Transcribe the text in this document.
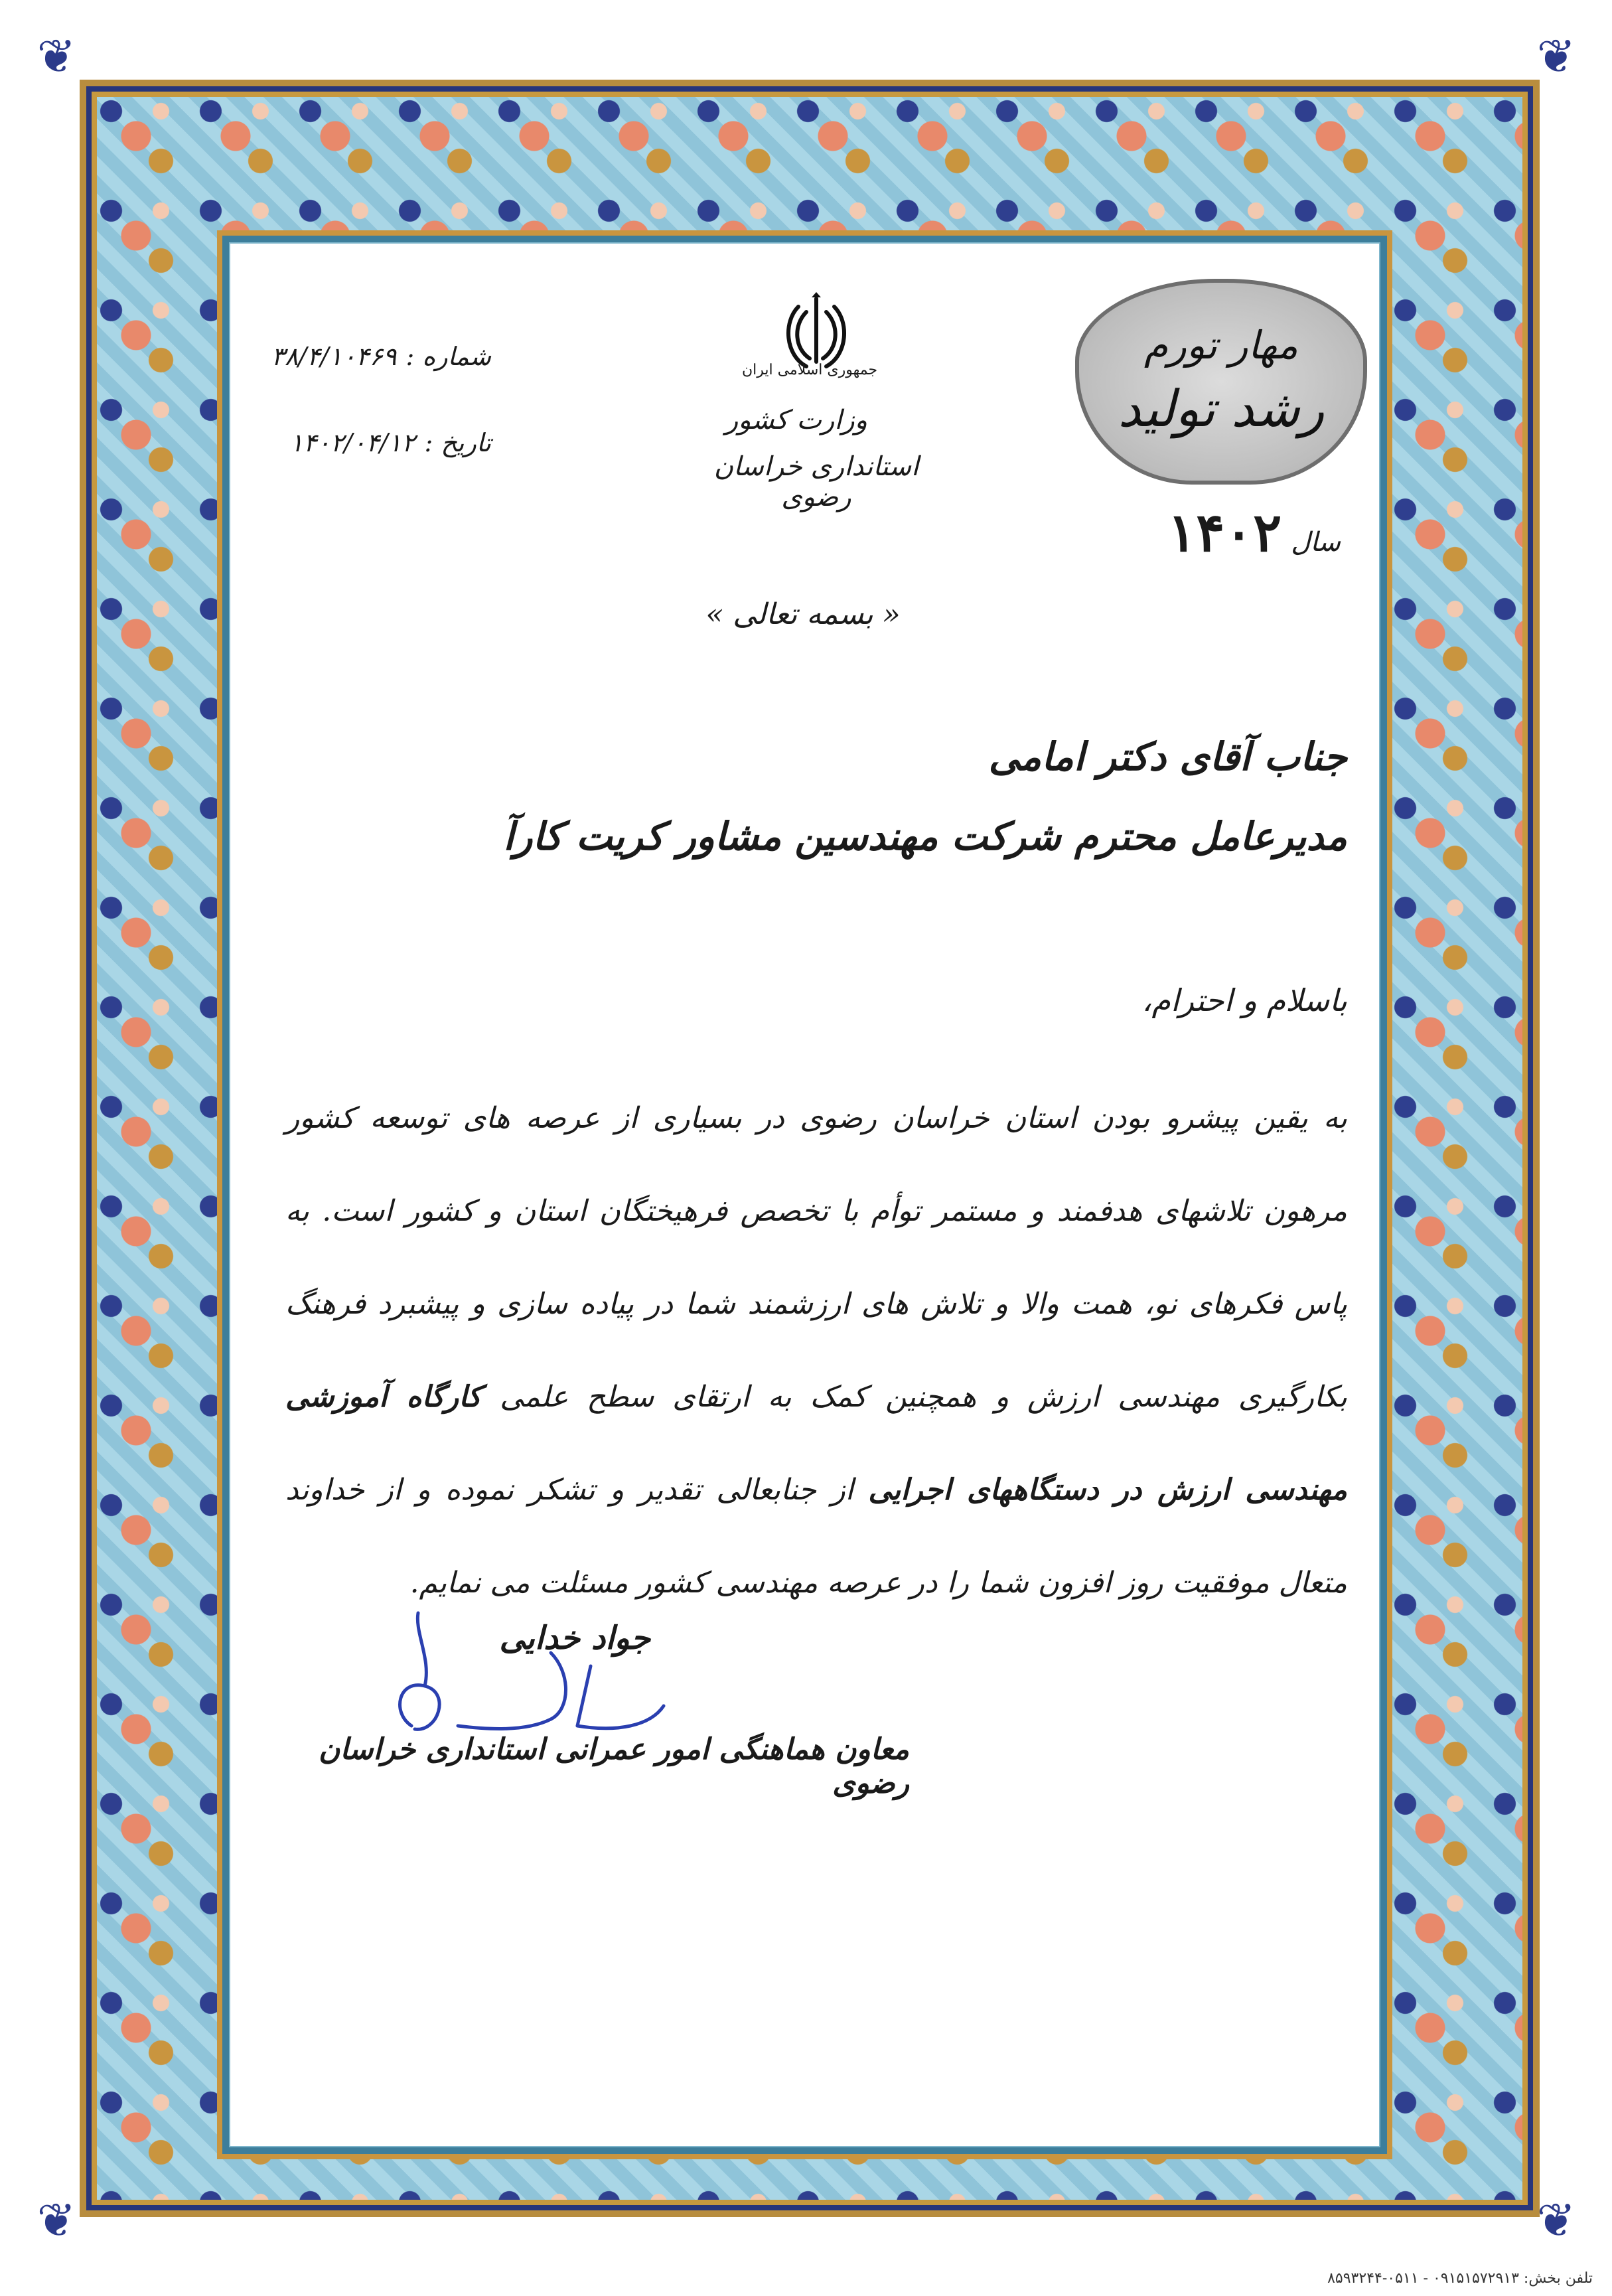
❦	❦
❦	❦
جمهوری اسلامی ایران
وزارت کشور
استانداری خراسان رضوی
شماره :۳۸/۴/۱۰۴۶۹
تاریخ :۱۴۰۲/۰۴/۱۲
مهار تورم
رشد تولید
سال۱۴۰۲
« بسمه تعالی »
جناب آقای دکتر امامی
مدیرعامل محترم شرکت مهندسین مشاور کریت کارآ
باسلام و احترام،
به یقین پیشرو بودن استان خراسان رضوی در بسیاری از عرصه های توسعه کشور مرهون تلاشهای هدفمند و مستمر توأم با تخصص فرهیختگان استان و کشور است. به پاس فکرهای نو، همت والا و تلاش های ارزشمند شما در پیاده سازی و پیشبرد فرهنگ بکارگیری مهندسی ارزش و همچنین کمک به ارتقای سطح علمی کارگاه آموزشی مهندسی ارزش در دستگاههای اجرایی از جنابعالی تقدیر و تشکر نموده و از خداوند متعال موفقیت روز افزون شما را در عرصه مهندسی کشور مسئلت می نمایم.
جواد خدایی
معاون هماهنگی امور عمرانی استانداری خراسان رضوی
تلفن بخش: ۰۹۱۵۱۵۷۲۹۱۳ - ۰۵۱۱-۸۵۹۳۲۴۴
